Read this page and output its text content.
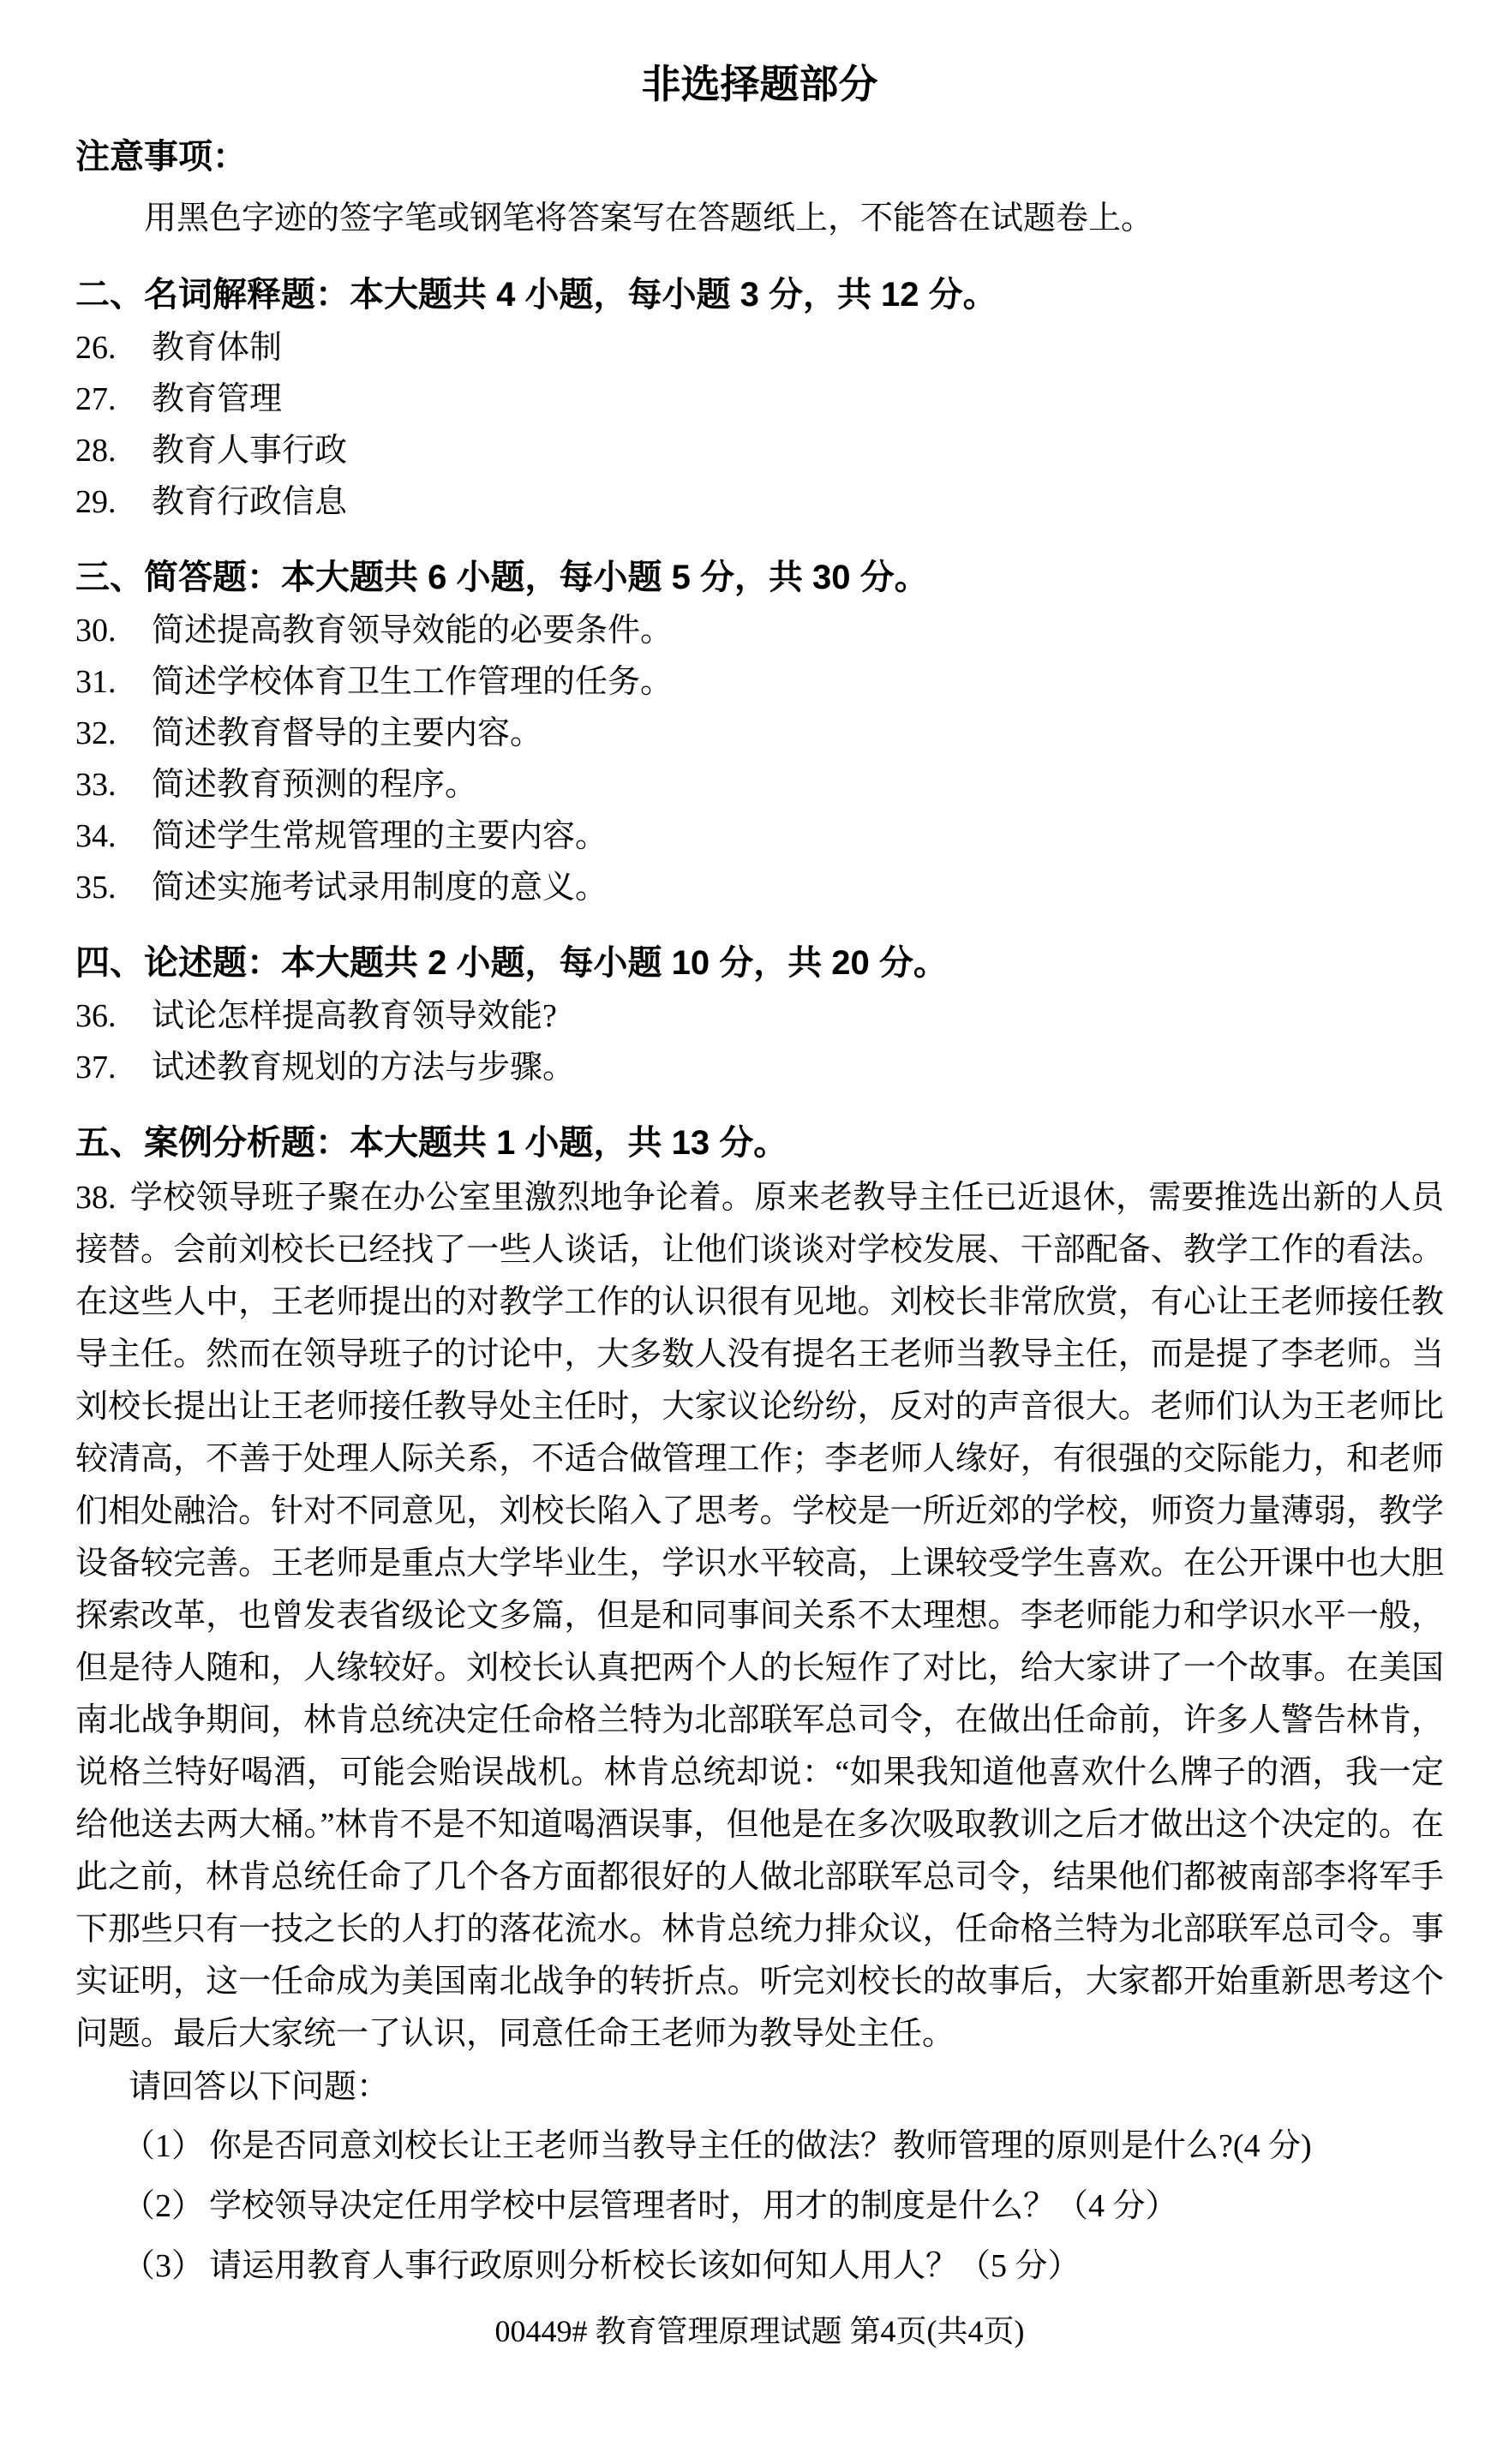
非选择题部分
注意事项：

用黑色字迹的签字笔或钢笔将答案写在答题纸上，不能答在试题卷上。

二、名词解释题：本大题共 4 小题，每小题 3 分，共 12 分。
26.	教育体制
27.	教育管理
28.	教育人事行政
29.	教育行政信息
三、简答题：本大题共 6 小题，每小题 5 分，共 30 分。
30.	简述提高教育领导效能的必要条件。
31.	简述学校体育卫生工作管理的任务。
32.	简述教育督导的主要内容。
33.	简述教育预测的程序。
34.	简述学生常规管理的主要内容。
35.	简述实施考试录用制度的意义。
四、论述题：本大题共 2 小题，每小题 10 分，共 20 分。
36.	试论怎样提高教育领导效能?
37.	试述教育规划的方法与步骤。
五、案例分析题：本大题共 1 小题，共 13 分。

38. 学校领导班子聚在办公室里激烈地争论着。原来老教导主任已近退休，需要推选出新的人员接替。会前刘校长已经找了一些人谈话，让他们谈谈对学校发展、干部配备、教学工作的看法。在这些人中，王老师提出的对教学工作的认识很有见地。刘校长非常欣赏，有心让王老师接任教导主任。然而在领导班子的讨论中，大多数人没有提名王老师当教导主任，而是提了李老师。当刘校长提出让王老师接任教导处主任时，大家议论纷纷，反对的声音很大。老师们认为王老师比较清高，不善于处理人际关系，不适合做管理工作；李老师人缘好，有很强的交际能力，和老师们相处融洽。针对不同意见，刘校长陷入了思考。学校是一所近郊的学校，师资力量薄弱，教学设备较完善。王老师是重点大学毕业生，学识水平较高，上课较受学生喜欢。在公开课中也大胆探索改革，也曾发表省级论文多篇，但是和同事间关系不太理想。李老师能力和学识水平一般，但是待人随和，人缘较好。刘校长认真把两个人的长短作了对比，给大家讲了一个故事。在美国南北战争期间，林肯总统决定任命格兰特为北部联军总司令，在做出任命前，许多人警告林肯，说格兰特好喝酒，可能会贻误战机。林肯总统却说：“如果我知道他喜欢什么牌子的酒，我一定给他送去两大桶。”林肯不是不知道喝酒误事，但他是在多次吸取教训之后才做出这个决定的。在此之前，林肯总统任命了几个各方面都很好的人做北部联军总司令，结果他们都被南部李将军手下那些只有一技之长的人打的落花流水。林肯总统力排众议，任命格兰特为北部联军总司令。事实证明，这一任命成为美国南北战争的转折点。听完刘校长的故事后，大家都开始重新思考这个问题。最后大家统一了认识，同意任命王老师为教导处主任。

请回答以下问题：

（1） 你是否同意刘校长让王老师当教导主任的做法？教师管理的原则是什么?(4 分)

（2） 学校领导决定任用学校中层管理者时，用才的制度是什么？（4 分）

（3） 请运用教育人事行政原则分析校长该如何知人用人？（5 分）

00449# 教育管理原理试题 第4页(共4页)
